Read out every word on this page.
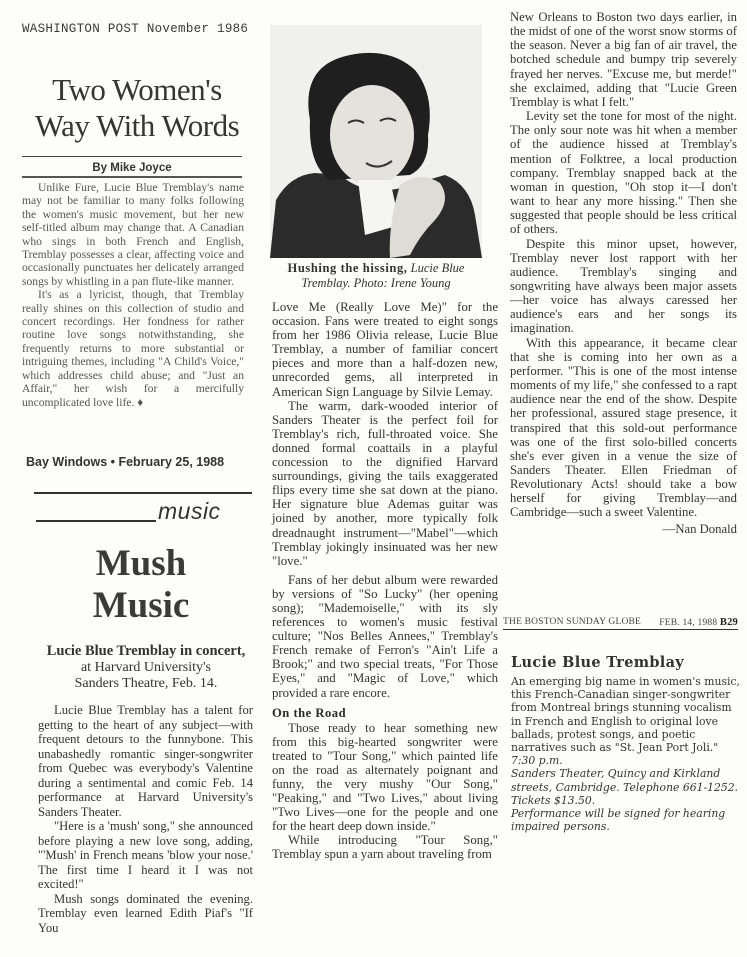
WASHINGTON POST November 1986
Two Women's
Way With Words
By Mike Joyce

Unlike Fure, Lucie Blue Tremblay's name may not be familiar to many folks following the women's music movement, but her new self-titled album may change that. A Canadian who sings in both French and English, Tremblay possesses a clear, affecting voice and occasionally punctuates her delicately arranged songs by whistling in a pan flute-like manner.

It's as a lyricist, though, that Tremblay really shines on this collection of studio and concert recordings. Her fondness for rather routine love songs notwithstanding, she frequently returns to more substantial or intriguing themes, including "A Child's Voice," which addresses child abuse; and "Just an Affair," her wish for a mercifully uncomplicated love life. ♦

Bay Windows • February 25, 1988
music
Mush
Music
Lucie Blue Tremblay in concert,
at Harvard University's
Sanders Theatre, Feb. 14.

Lucie Blue Tremblay has a talent for getting to the heart of any subject—with frequent detours to the funnybone. This unabashedly romantic singer-songwriter from Quebec was everybody's Valentine during a sentimental and comic Feb. 14 performance at Harvard University's Sanders Theater.

"Here is a 'mush' song," she announced before playing a new love song, adding, "'Mush' in French means 'blow your nose.' The first time I heard it I was not excited!"

Mush songs dominated the evening. Tremblay even learned Edith Piaf's "If You

Hushing the hissing, Lucie Blue Tremblay. Photo: Irene Young

Love Me (Really Love Me)" for the occasion. Fans were treated to eight songs from her 1986 Olivia release, Lucie Blue Tremblay, a number of familiar concert pieces and more than a half-dozen new, unrecorded gems, all interpreted in American Sign Language by Silvie Lemay.

The warm, dark-wooded interior of Sanders Theater is the perfect foil for Tremblay's rich, full-throated voice. She donned formal coattails in a playful concession to the dignified Harvard surroundings, giving the tails exaggerated flips every time she sat down at the piano. Her signature blue Ademas guitar was joined by another, more typically folk dreadnaught instrument—"Mabel"—which Tremblay jokingly insinuated was her new "love."

Fans of her debut album were rewarded by versions of "So Lucky" (her opening song); "Mademoiselle," with its sly references to women's music festival culture; "Nos Belles Annees," Tremblay's French remake of Ferron's "Ain't Life a Brook;" and two special treats, "For Those Eyes," and "Magic of Love," which provided a rare encore.

On the Road

Those ready to hear something new from this big-hearted songwriter were treated to "Tour Song," which painted life on the road as alternately poignant and funny, the very mushy "Our Song," "Peaking," and "Two Lives," about living "Two Lives—one for the people and one for the heart deep down inside."

While introducing "Tour Song," Tremblay spun a yarn about traveling from

New Orleans to Boston two days earlier, in the midst of one of the worst snow storms of the season. Never a big fan of air travel, the botched schedule and bumpy trip severely frayed her nerves. "Excuse me, but merde!" she exclaimed, adding that "Lucie Green Tremblay is what I felt."

Levity set the tone for most of the night. The only sour note was hit when a member of the audience hissed at Tremblay's mention of Folktree, a local production company. Tremblay snapped back at the woman in question, "Oh stop it—I don't want to hear any more hissing." Then she suggested that people should be less critical of others.

Despite this minor upset, however, Tremblay never lost rapport with her audience. Tremblay's singing and songwriting have always been major assets—her voice has always caressed her audience's ears and her songs its imagination.

With this appearance, it became clear that she is coming into her own as a performer. "This is one of the most intense moments of my life," she confessed to a rapt audience near the end of the show. Despite her professional, assured stage presence, it transpired that this sold-out performance was one of the first solo-billed concerts she's ever given in a venue the size of Sanders Theater. Ellen Friedman of Revolutionary Acts! should take a bow herself for giving Tremblay—and Cambridge—such a sweet Valentine.

—Nan Donald
THE BOSTON SUNDAY GLOBE FEB. 14, 1988 B29
Lucie Blue Tremblay
An emerging big name in women's music, this French-Canadian singer-songwriter from Montreal brings stunning vocalism in French and English to original love ballads, protest songs, and poetic narratives such as "St. Jean Port Joli."
7:30 p.m.
Sanders Theater, Quincy and Kirkland streets, Cambridge. Telephone 661-1252.
Tickets $13.50.
Performance will be signed for hearing impaired persons.
